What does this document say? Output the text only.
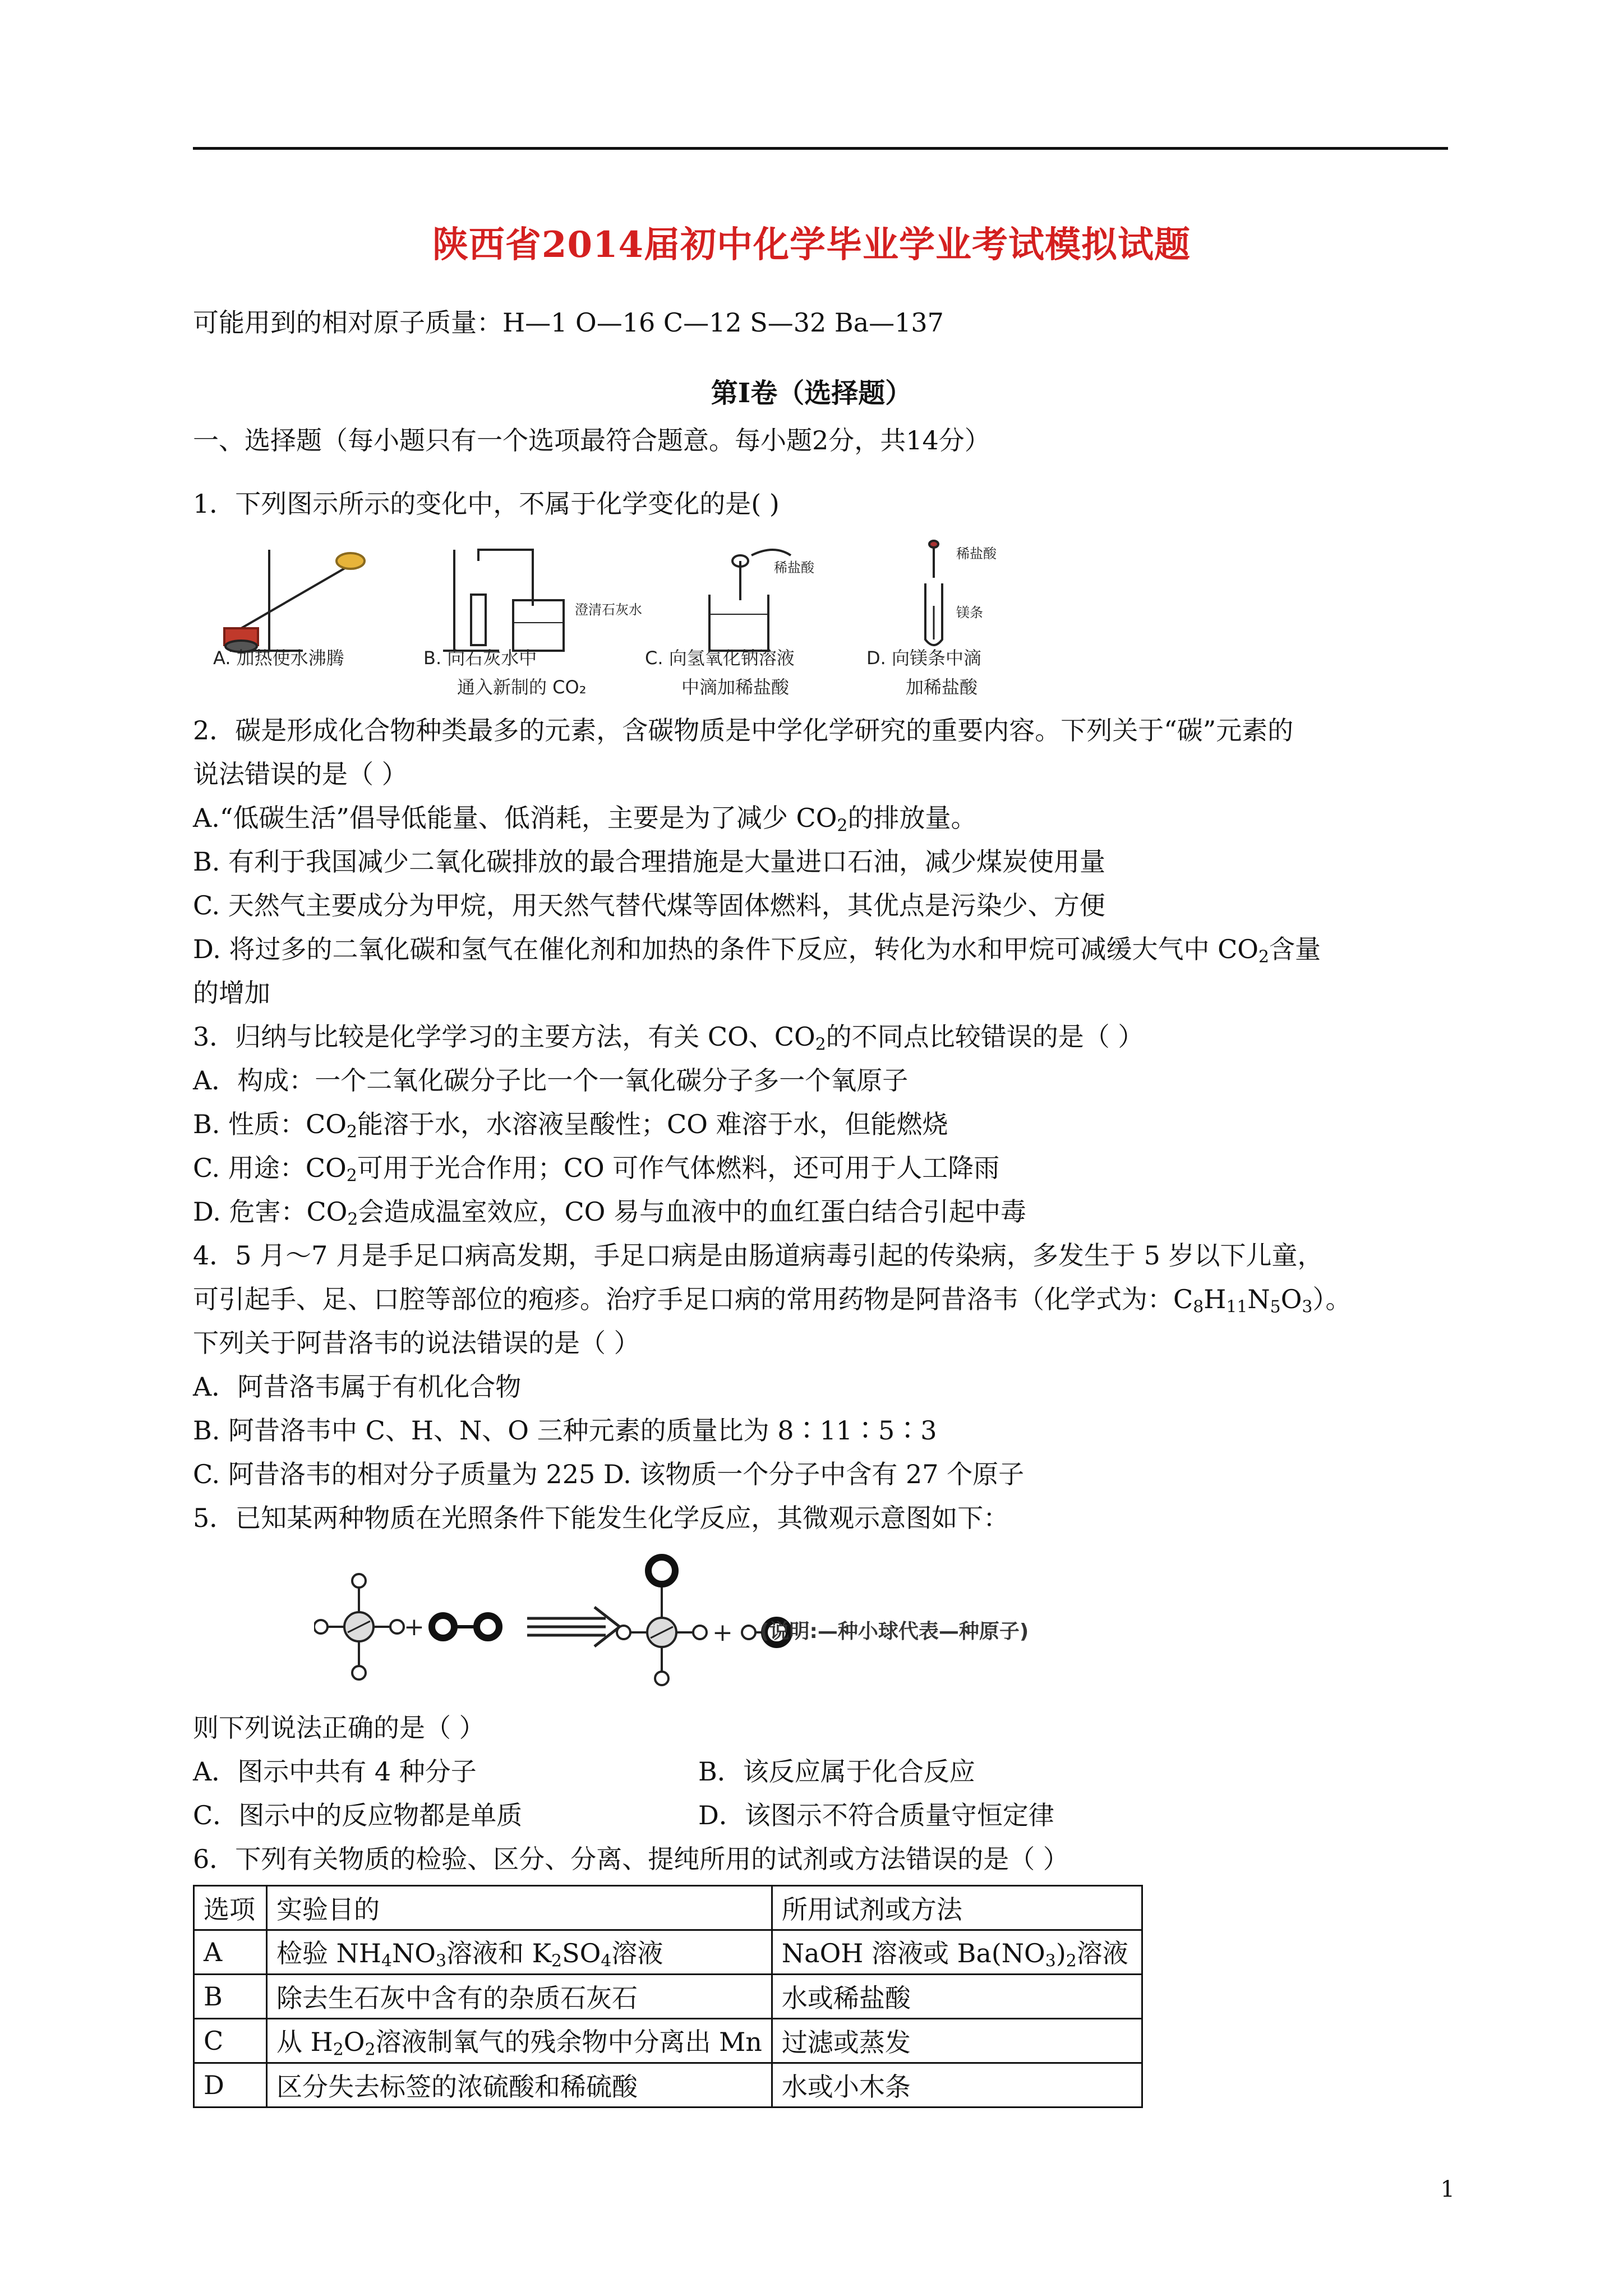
陕西省2014届初中化学毕业学业考试模拟试题
可能用到的相对原子质量：H—1 O—16 C—12 S—32 Ba—137
第Ⅰ卷（选择题）
一、选择题（每小题只有一个选项最符合题意。每小题2分，共14分）
1．下列图示所示的变化中，不属于化学变化的是( )
澄清石灰水
稀盐酸
稀盐酸
镁条
A. 加热使水沸腾	B. 向石灰水中
通入新制的 CO₂
C. 向氢氧化钠溶液
中滴加稀盐酸
D. 向镁条中滴
加稀盐酸
2．碳是形成化合物种类最多的元素，含碳物质是中学化学研究的重要内容。下列关于“碳”元素的
说法错误的是（ ）
A.“低碳生活”倡导低能量、低消耗，主要是为了减少 $CO_2$的排放量。
B. 有利于我国减少二氧化碳排放的最合理措施是大量进口石油，减少煤炭使用量
C. 天然气主要成分为甲烷，用天然气替代煤等固体燃料，其优点是污染少、方便
D. 将过多的二氧化碳和氢气在催化剂和加热的条件下反应，转化为水和甲烷可减缓大气中 $CO_2$含量
的增加
3．归纳与比较是化学学习的主要方法，有关 CO、$CO_2$的不同点比较错误的是（ ）
A．构成：一个二氧化碳分子比一个一氧化碳分子多一个氧原子
B. 性质：$CO_2$能溶于水，水溶液呈酸性；CO 难溶于水，但能燃烧
C. 用途：$CO_2$可用于光合作用；CO 可作气体燃料，还可用于人工降雨
D. 危害：$CO_2$会造成温室效应，CO 易与血液中的血红蛋白结合引起中毒
4．5 月～7 月是手足口病高发期，手足口病是由肠道病毒引起的传染病，多发生于 5 岁以下儿童，
可引起手、足、口腔等部位的疱疹。治疗手足口病的常用药物是阿昔洛韦（化学式为：$C_8H_{11}N_5O_3$）。
下列关于阿昔洛韦的说法错误的是（ ）
A．阿昔洛韦属于有机化合物
B. 阿昔洛韦中 C、H、N、O 三种元素的质量比为 8∶11∶5∶3
C. 阿昔洛韦的相对分子质量为 225 D. 该物质一个分子中含有 27 个原子
5．已知某两种物质在光照条件下能发生化学反应，其微观示意图如下：
+	+ (说明:—种小球代表—种原子)
则下列说法正确的是（ ）
A．图示中共有 4 种分子	B．该反应属于化合反应
C．图示中的反应物都是单质	D．该图示不符合质量守恒定律
6．下列有关物质的检验、区分、分离、提纯所用的试剂或方法错误的是（ ）
选项	实验目的	所用试剂或方法
A	检验 $NH_4NO_3$溶液和 $K_2SO_4$溶液	NaOH 溶液或 $Ba(NO_3)_2$溶液
B	除去生石灰中含有的杂质石灰石	水或稀盐酸
C	从 $H_2O_2$溶液制氧气的残余物中分离出 Mn	过滤或蒸发
D	区分失去标签的浓硫酸和稀硫酸	水或小木条
1
